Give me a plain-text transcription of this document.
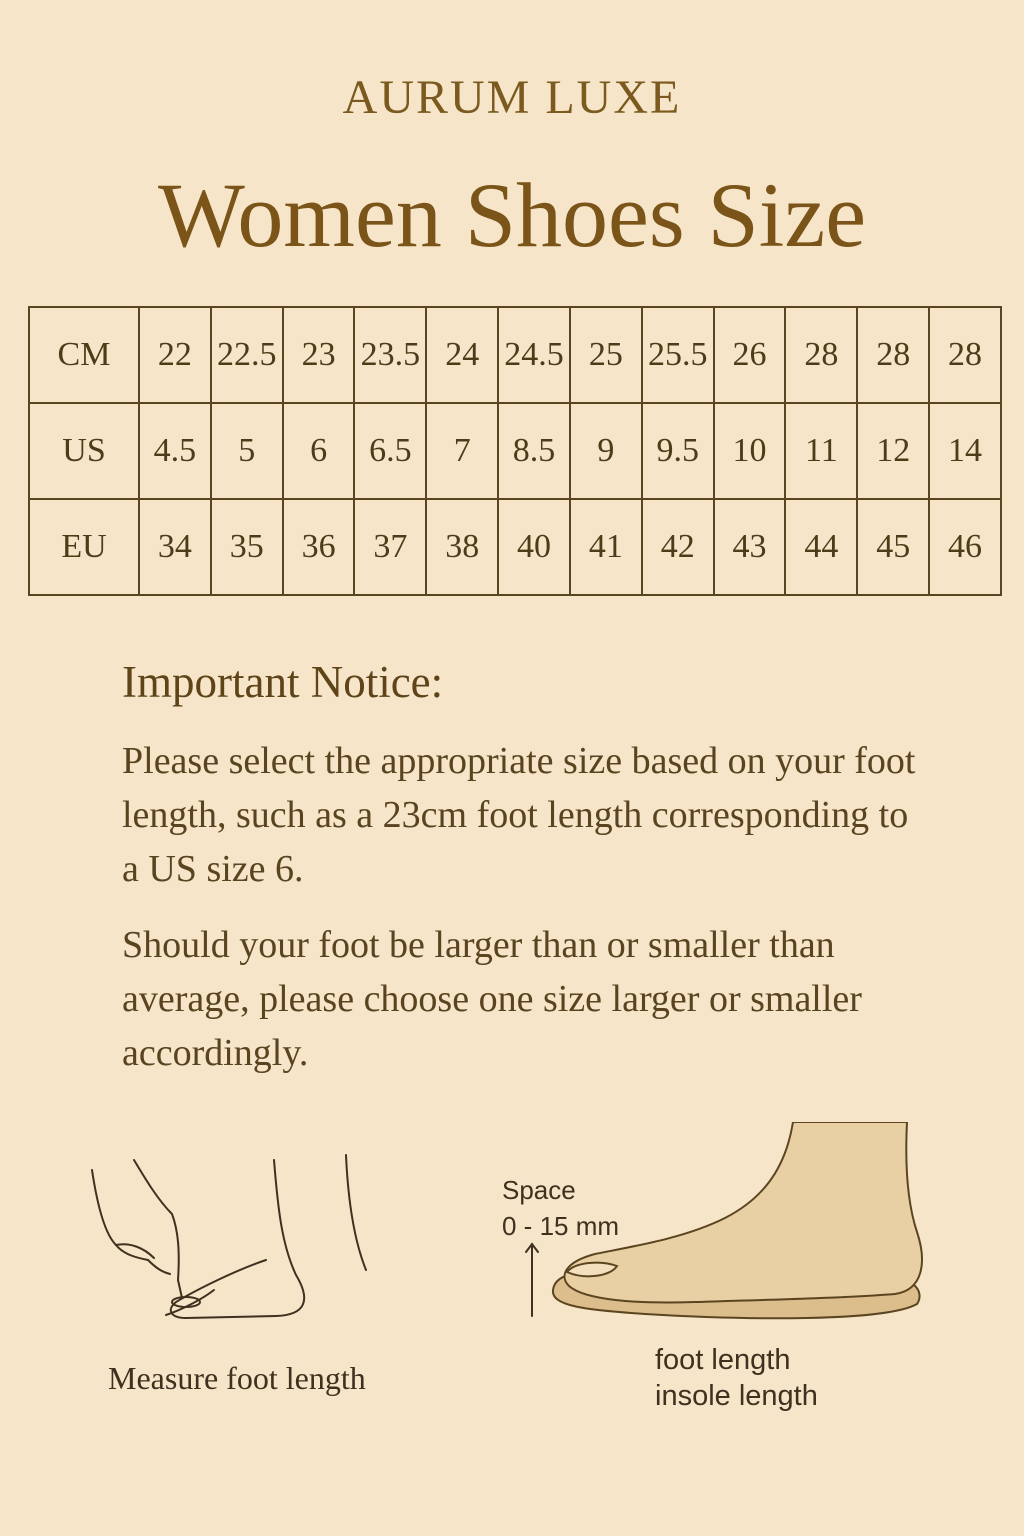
AURUM LUXE
Women Shoes Size
CM	22	22.5	23	23.5	24	24.5	25	25.5	26	28	28	28
US	4.5	5	6	6.5	7	8.5	9	9.5	10	11	12	14
EU	34	35	36	37	38	40	41	42	43	44	45	46
Important Notice:
Please select the appropriate size based on your foot length, such as a 23cm foot length corresponding to a US size 6.
Should your foot be larger than or smaller than average, please choose one size larger or smaller accordingly.
Measure foot length
Space
0 - 15 mm
foot length
insole length
